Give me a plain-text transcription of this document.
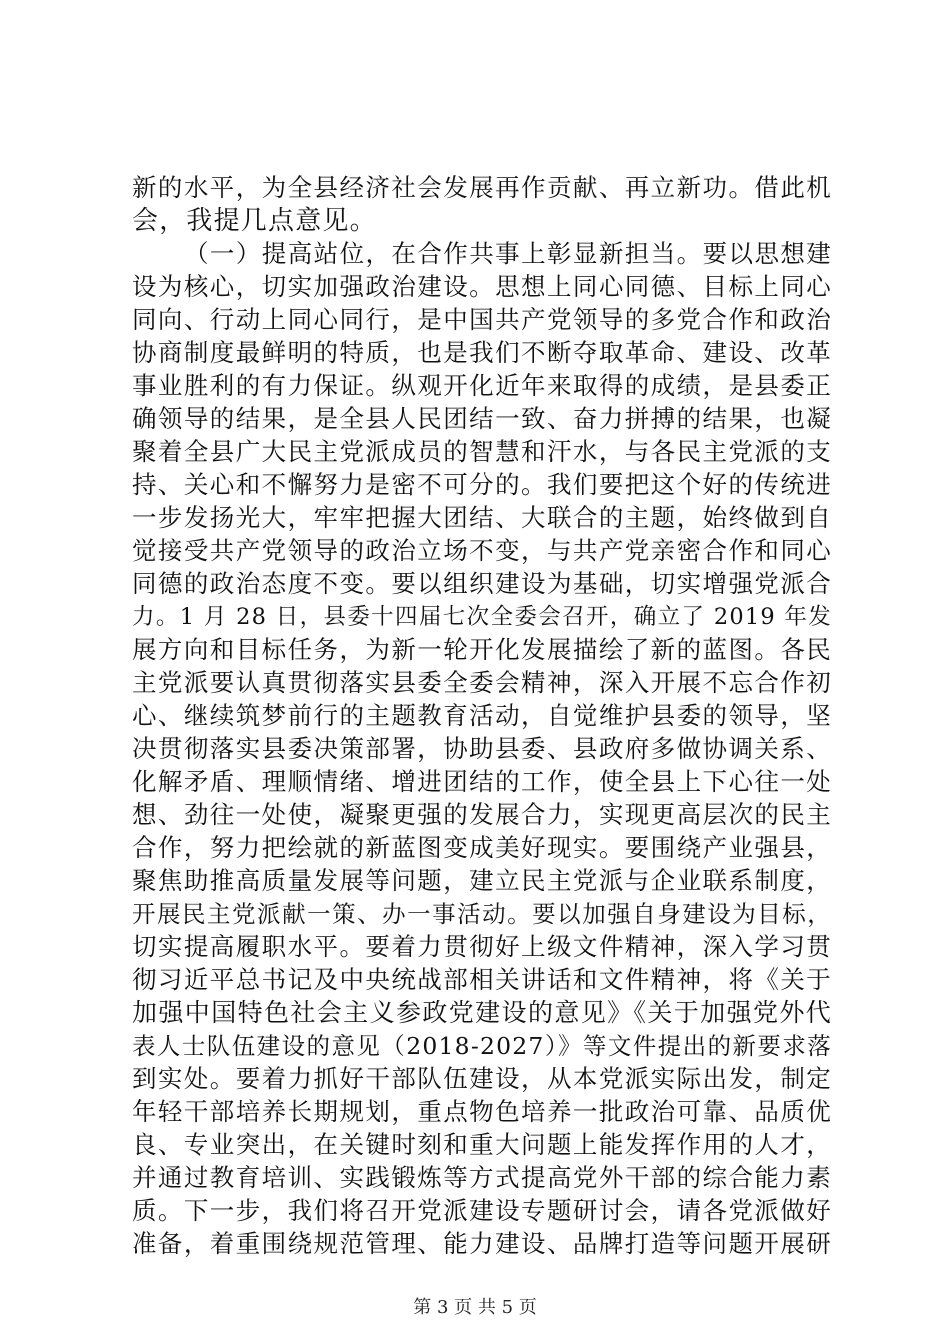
新的水平，为全县经济社会发展再作贡献、再立新功。借此机
会，我提几点意见。
（一）提高站位，在合作共事上彰显新担当。要以思想建
设为核心，切实加强政治建设。思想上同心同德、目标上同心
同向、行动上同心同行，是中国共产党领导的多党合作和政治
协商制度最鲜明的特质，也是我们不断夺取革命、建设、改革
事业胜利的有力保证。纵观开化近年来取得的成绩，是县委正
确领导的结果，是全县人民团结一致、奋力拼搏的结果，也凝
聚着全县广大民主党派成员的智慧和汗水，与各民主党派的支
持、关心和不懈努力是密不可分的。我们要把这个好的传统进
一步发扬光大，牢牢把握大团结、大联合的主题，始终做到自
觉接受共产党领导的政治立场不变，与共产党亲密合作和同心
同德的政治态度不变。要以组织建设为基础，切实增强党派合
力。1 月 28 日，县委十四届七次全委会召开，确立了 2019 年发
展方向和目标任务，为新一轮开化发展描绘了新的蓝图。各民
主党派要认真贯彻落实县委全委会精神，深入开展不忘合作初
心、继续筑梦前行的主题教育活动，自觉维护县委的领导，坚
决贯彻落实县委决策部署，协助县委、县政府多做协调关系、
化解矛盾、理顺情绪、增进团结的工作，使全县上下心往一处
想、劲往一处使，凝聚更强的发展合力，实现更高层次的民主
合作，努力把绘就的新蓝图变成美好现实。要围绕产业强县，
聚焦助推高质量发展等问题，建立民主党派与企业联系制度，
开展民主党派献一策、办一事活动。要以加强自身建设为目标，
切实提高履职水平。要着力贯彻好上级文件精神，深入学习贯
彻习近平总书记及中央统战部相关讲话和文件精神，将《关于
加强中国特色社会主义参政党建设的意见》《关于加强党外代
表人士队伍建设的意见（2018-2027）》等文件提出的新要求落
到实处。要着力抓好干部队伍建设，从本党派实际出发，制定
年轻干部培养长期规划，重点物色培养一批政治可靠、品质优
良、专业突出，在关键时刻和重大问题上能发挥作用的人才，
并通过教育培训、实践锻炼等方式提高党外干部的综合能力素
质。下一步，我们将召开党派建设专题研讨会，请各党派做好
准备，着重围绕规范管理、能力建设、品牌打造等问题开展研
第 3 页 共 5 页
